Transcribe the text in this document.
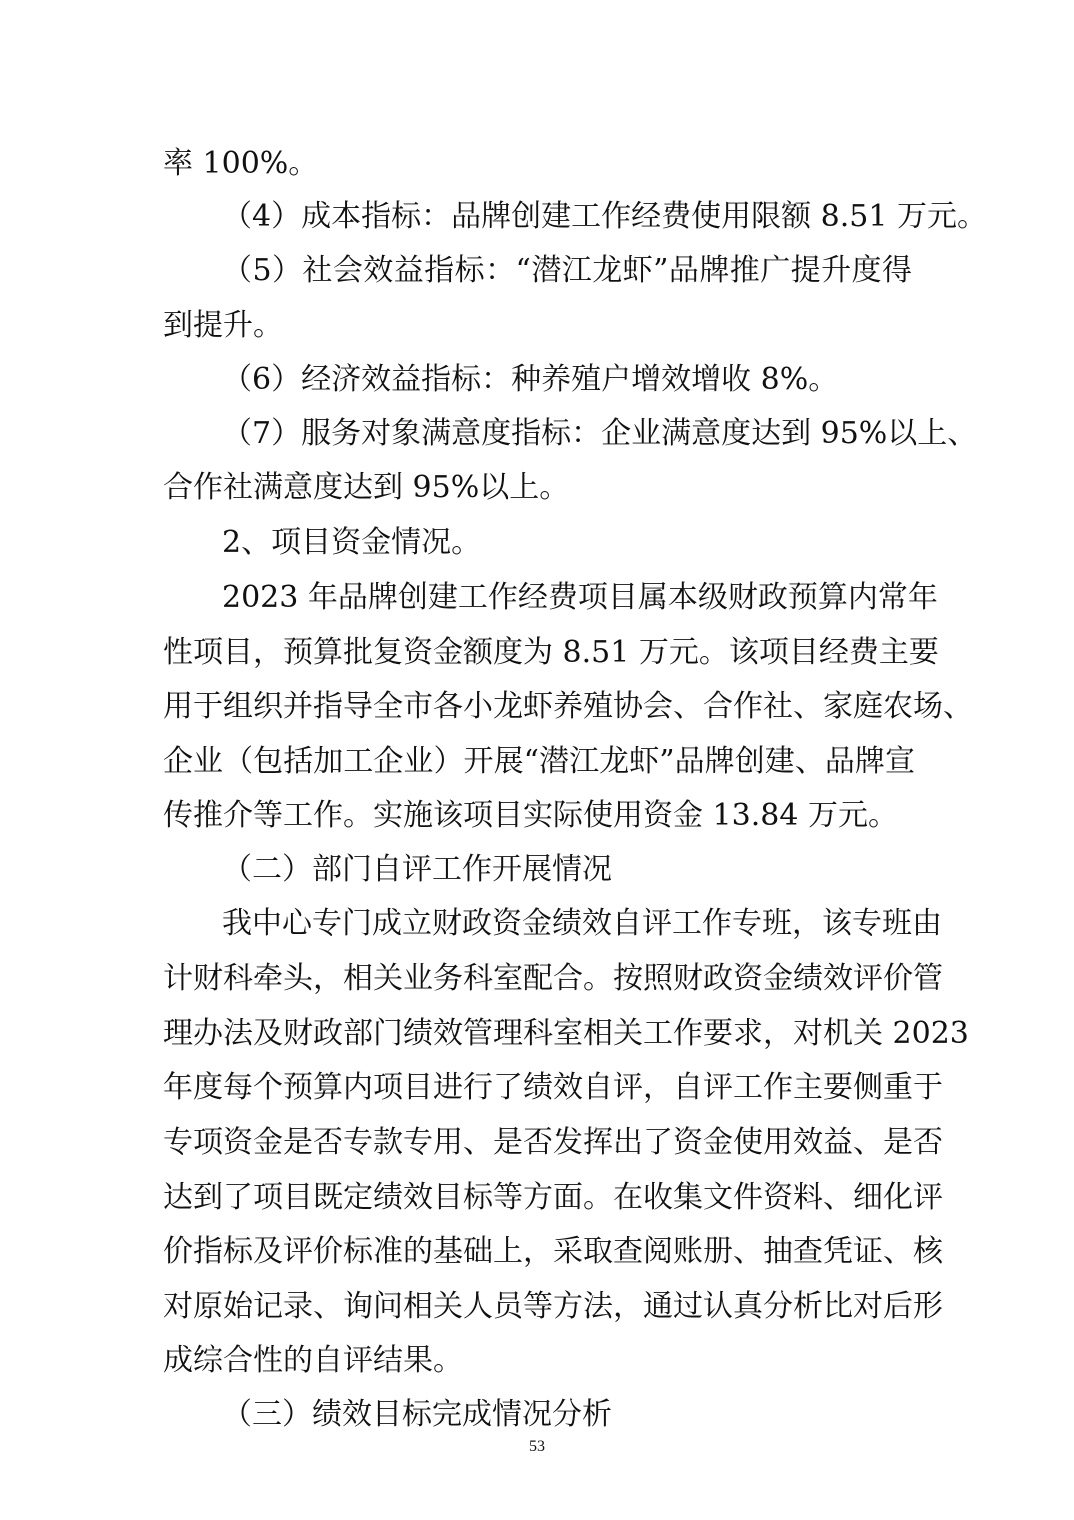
率 100%。
（4）成本指标：品牌创建工作经费使用限额 8.51 万元。
（5）社会效益指标：“潜江龙虾”品牌推广提升度得
到提升。
（6）经济效益指标：种养殖户增效增收 8%。
（7）服务对象满意度指标：企业满意度达到 95%以上、
合作社满意度达到 95%以上。
2、项目资金情况。
2023 年品牌创建工作经费项目属本级财政预算内常年
性项目，预算批复资金额度为 8.51 万元。该项目经费主要
用于组织并指导全市各小龙虾养殖协会、合作社、家庭农场、
企业（包括加工企业）开展“潜江龙虾”品牌创建、品牌宣
传推介等工作。实施该项目实际使用资金 13.84 万元。
（二）部门自评工作开展情况
我中心专门成立财政资金绩效自评工作专班，该专班由
计财科牵头，相关业务科室配合。按照财政资金绩效评价管
理办法及财政部门绩效管理科室相关工作要求，对机关 2023
年度每个预算内项目进行了绩效自评，自评工作主要侧重于
专项资金是否专款专用、是否发挥出了资金使用效益、是否
达到了项目既定绩效目标等方面。在收集文件资料、细化评
价指标及评价标准的基础上，采取查阅账册、抽查凭证、核
对原始记录、询问相关人员等方法，通过认真分析比对后形
成综合性的自评结果。
（三）绩效目标完成情况分析
53
